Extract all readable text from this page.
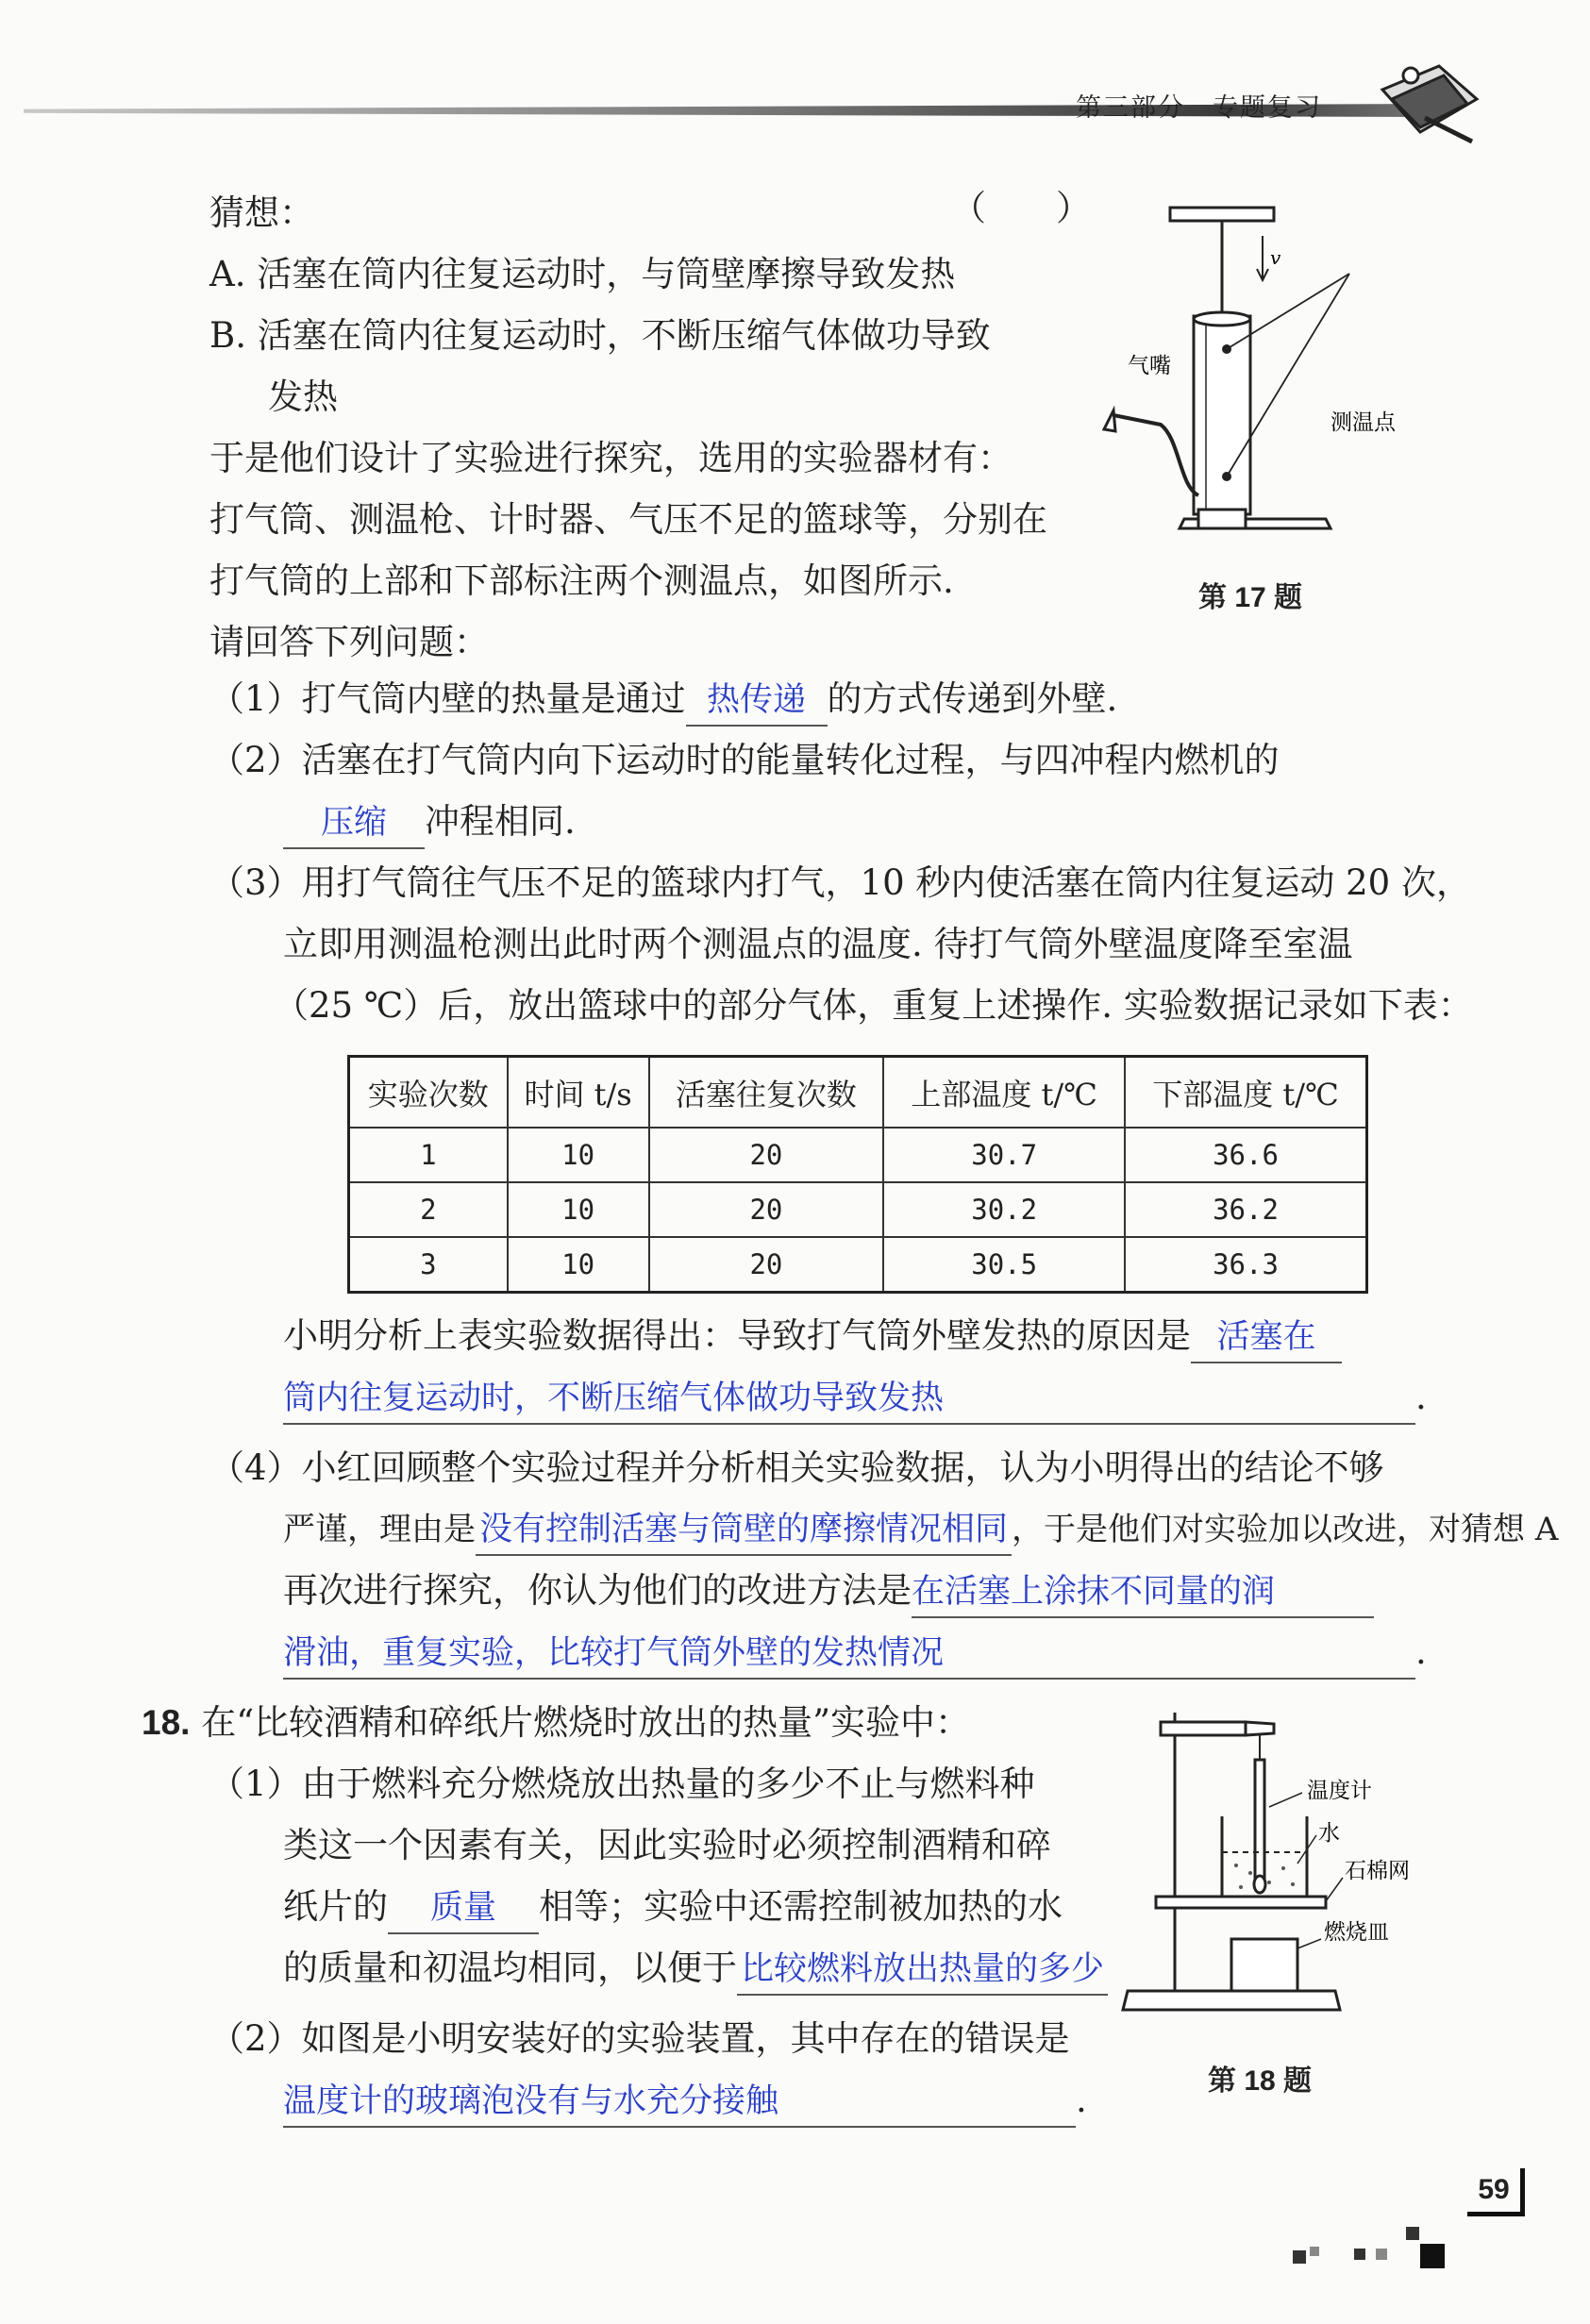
第三部分　专题复习
猜想：	（　　）
A. 活塞在筒内往复运动时，与筒壁摩擦导致发热
B. 活塞在筒内往复运动时，不断压缩气体做功导致
发热
于是他们设计了实验进行探究，选用的实验器材有：
打气筒、测温枪、计时器、气压不足的篮球等，分别在
打气筒的上部和下部标注两个测温点，如图所示.
请回答下列问题：
v
气嘴
测温点
第 17 题
（1）打气筒内壁的热量是通过 热传递 的方式传递到外壁.
（2）活塞在打气筒内向下运动时的能量转化过程，与四冲程内燃机的
压缩 冲程相同.
（3）用打气筒往气压不足的篮球内打气，10 秒内使活塞在筒内往复运动 20 次，
立即用测温枪测出此时两个测温点的温度. 待打气筒外壁温度降至室温
（25 ℃）后，放出篮球中的部分气体，重复上述操作. 实验数据记录如下表：
实验次数	时间 t/s	活塞往复次数	上部温度 t/℃	下部温度 t/℃
1	10	20	30.7	36.6
2	10	20	30.2	36.2
3	10	20	30.5	36.3
小明分析上表实验数据得出：导致打气筒外壁发热的原因是 活塞在
筒内往复运动时，不断压缩气体做功导致发热	.
（4）小红回顾整个实验过程并分析相关实验数据，认为小明得出的结论不够
严谨，理由是 没有控制活塞与筒壁的摩擦情况相同 ，于是他们对实验加以改进，对猜想 A
再次进行探究，你认为他们的改进方法是在活塞上涂抹不同量的润
滑油，重复实验，比较打气筒外壁的发热情况	.
18. 在“比较酒精和碎纸片燃烧时放出的热量”实验中：
（1）由于燃料充分燃烧放出热量的多少不止与燃料种
类这一个因素有关，因此实验时必须控制酒精和碎
纸片的 质量 相等；实验中还需控制被加热的水
的质量和初温均相同，以便于 比较燃料放出热量的多少
（2）如图是小明安装好的实验装置，其中存在的错误是
温度计的玻璃泡没有与水充分接触	.
温度计
水
石棉网
燃烧皿
第 18 题
59
